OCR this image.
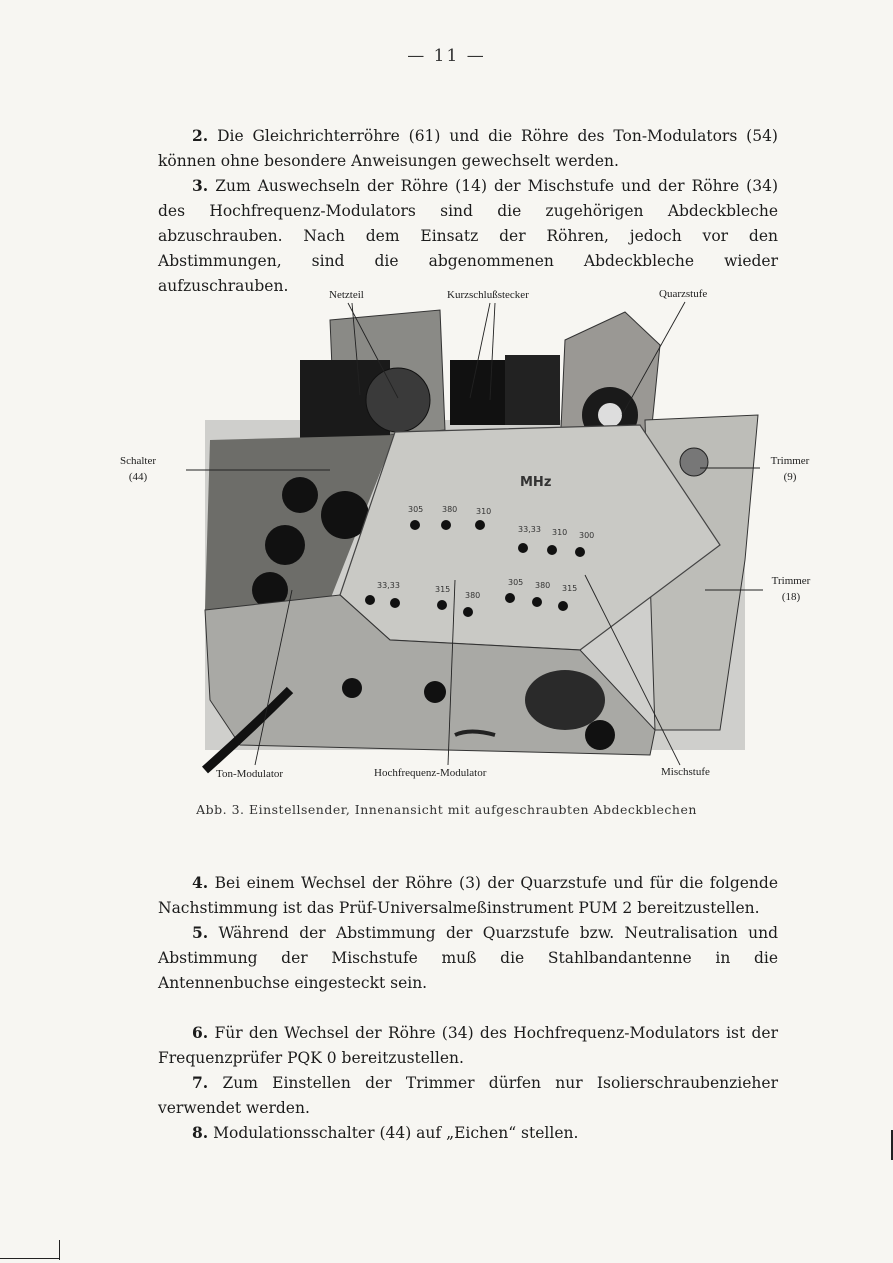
— 11 —

2. Die Gleichrichterröhre (61) und die Röhre des Ton-Modulators (54) können ohne besondere Anweisungen gewechselt werden.

3. Zum Auswechseln der Röhre (14) der Mischstufe und der Röhre (34) des Hochfrequenz-Modulators sind die zugehörigen Abdeckbleche abzuschrauben. Nach dem Einsatz der Röhren, jedoch vor den Abstimmungen, sind die abgenommenen Abdeckbleche wieder aufzuschrauben.

MHz
305 380 310
33,33 310 300
33,33	315
380
305 380 315
Netzteil	Kurzschlußstecker	Quarzstufe
Schalter
(44)
Trimmer
(9)
Trimmer
(18)
Ton-Modulator	Hochfrequenz-Modulator	Mischstufe
Abb. 3. Einstellsender, Innenansicht mit aufgeschraubten Abdeckblechen

4. Bei einem Wechsel der Röhre (3) der Quarzstufe und für die folgende Nachstimmung ist das Prüf-Universalmeßinstrument PUM 2 bereitzustellen.

5. Während der Abstimmung der Quarzstufe bzw. Neutralisation und Abstimmung der Mischstufe muß die Stahlbandantenne in die Antennenbuchse eingesteckt sein.

6. Für den Wechsel der Röhre (34) des Hochfrequenz-Modulators ist der Frequenzprüfer PQK 0 bereitzustellen.

7. Zum Einstellen der Trimmer dürfen nur Isolierschraubenzieher verwendet werden.

8. Modulationsschalter (44) auf „Eichen“ stellen.
